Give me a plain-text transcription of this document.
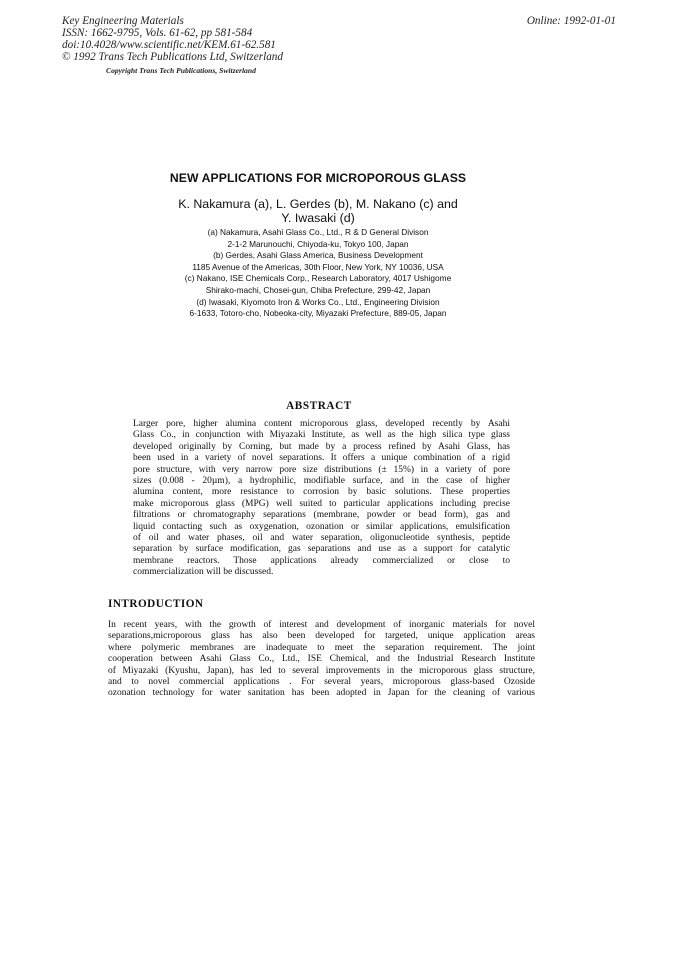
Key Engineering Materials
ISSN: 1662-9795, Vols. 61-62, pp 581-584
doi:10.4028/www.scientific.net/KEM.61-62.581
© 1992 Trans Tech Publications Ltd, Switzerland
Copyright Trans Tech Publications, Switzerland
Online: 1992-01-01
NEW APPLICATIONS FOR MICROPOROUS GLASS
K. Nakamura (a), L. Gerdes (b), M. Nakano (c) and
Y. Iwasaki (d)
(a) Nakamura, Asahi Glass Co., Ltd., R & D General Divison
2-1-2 Marunouchi, Chiyoda-ku, Tokyo 100, Japan
(b) Gerdes, Asahi Glass America, Business Development
1185 Avenue of the Americas, 30th Floor, New York, NY 10036, USA
(c) Nakano, ISE Chemicals Corp., Research Laboratory, 4017 Ushigome
Shirako-machi, Chosei-gun, Chiba Prefecture, 299-42, Japan
(d) Iwasaki, Kiyomoto Iron & Works Co., Ltd., Engineering Division
6-1633, Totoro-cho, Nobeoka-city, Miyazaki Prefecture, 889-05, Japan
ABSTRACT
Larger pore, higher alumina content microporous glass, developed recently by Asahi
Glass Co., in conjunction with Miyazaki Institute, as well as the high silica type glass
developed originally by Corning, but made by a process refined by Asahi Glass, has
been used in a variety of novel separations. It offers a unique combination of a rigid
pore structure, with very narrow pore size distributions (± 15%) in a variety of pore
sizes (0.008 - 20µm), a hydrophilic, modifiable surface, and in the case of higher
alumina content, more resistance to corrosion by basic solutions. These properties
make microporous glass (MPG) well suited to particular applications including precise
filtrations or chromatography separations (membrane, powder or bead form), gas and
liquid contacting such as oxygenation, ozonation or similar applications, emulsification
of oil and water phases, oil and water separation, oligonucleotide synthesis, peptide
separation by surface modification, gas separations and use as a support for catalytic
membrane reactors. Those applications already commercialized or close to
commercialization will be discussed.
INTRODUCTION
In recent years, with the growth of interest and development of inorganic materials for novel
separations,microporous glass has also been developed for targeted, unique application areas
where polymeric membranes are inadequate to meet the separation requirement. The joint
cooperation between Asahi Glass Co., Ltd., ISE Chemical, and the Industrial Research Institute
of Miyazaki (Kyushu, Japan), has led to several improvements in the microporous glass structure,
and to novel commercial applications . For several years, microporous glass-based Ozoside
ozonation technology for water sanitation has been adopted in Japan for the cleaning of various
